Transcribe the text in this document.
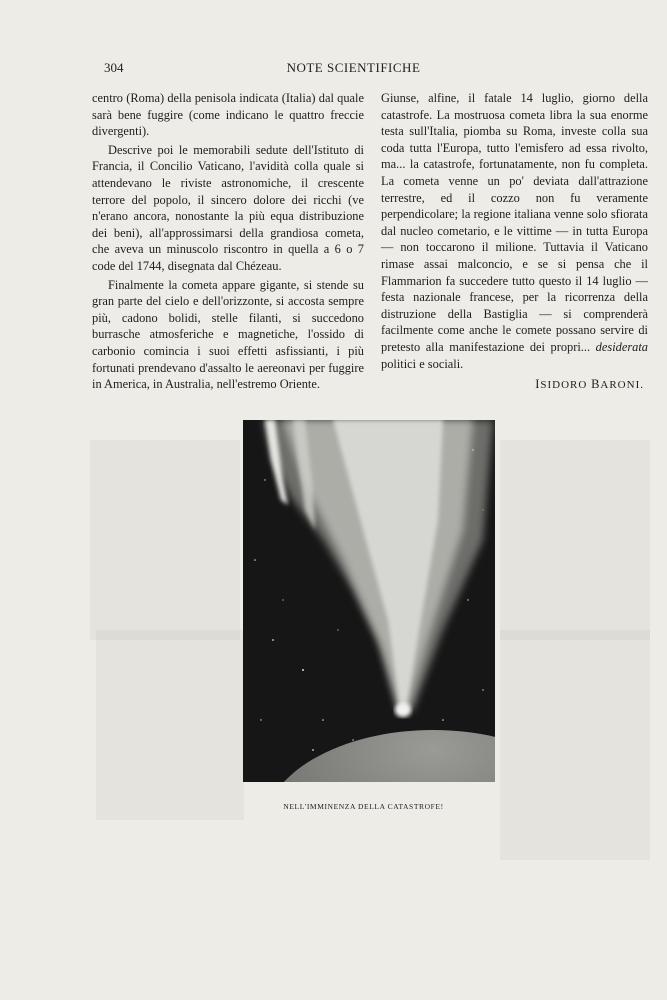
304	NOTE SCIENTIFICHE

centro (Roma) della penisola indicata (Italia) dal quale sarà bene fuggire (come indicano le quattro freccie divergenti).

Descrive poi le memorabili sedute dell'Istituto di Francia, il Concilio Vaticano, l'avidità colla quale si attendevano le riviste astronomiche, il crescente terrore del popolo, il sincero dolore dei ricchi (ve n'erano ancora, nonostante la più equa distribuzione dei beni), all'approssimarsi della grandiosa cometa, che aveva un minuscolo riscontro in quella a 6 o 7 code del 1744, disegnata dal Chézeau.

Finalmente la cometa appare gigante, si stende su gran parte del cielo e dell'orizzonte, si accosta sempre più, cadono bolidi, stelle filanti, si succedono burrasche atmosferiche e magnetiche, l'ossido di carbonio comincia i suoi effetti asfissianti, i più fortunati prendevano d'assalto le aereonavi per fuggire in America, in Australia, nell'estremo Oriente.

Giunse, alfine, il fatale 14 luglio, giorno della catastrofe. La mostruosa cometa libra la sua enorme testa sull'Italia, piomba su Roma, investe colla sua coda tutta l'Europa, tutto l'emisfero ad essa rivolto, ma... la catastrofe, fortunatamente, non fu completa. La cometa venne un po' deviata dall'attrazione terrestre, ed il cozzo non fu veramente perpendicolare; la regione italiana venne solo sfiorata dal nucleo cometario, e le vittime — in tutta Europa — non toccarono il milione. Tuttavia il Vaticano rimase assai malconcio, e se si pensa che il Flammarion fa succedere tutto questo il 14 luglio — festa nazionale francese, per la ricorrenza della distruzione della Bastiglia — si comprenderà facilmente come anche le comete possano servire di pretesto alla manifestazione dei propri... desiderata politici e sociali.

ISIDORO BARONI.
NELL'IMMINENZA DELLA CATASTROFE!
